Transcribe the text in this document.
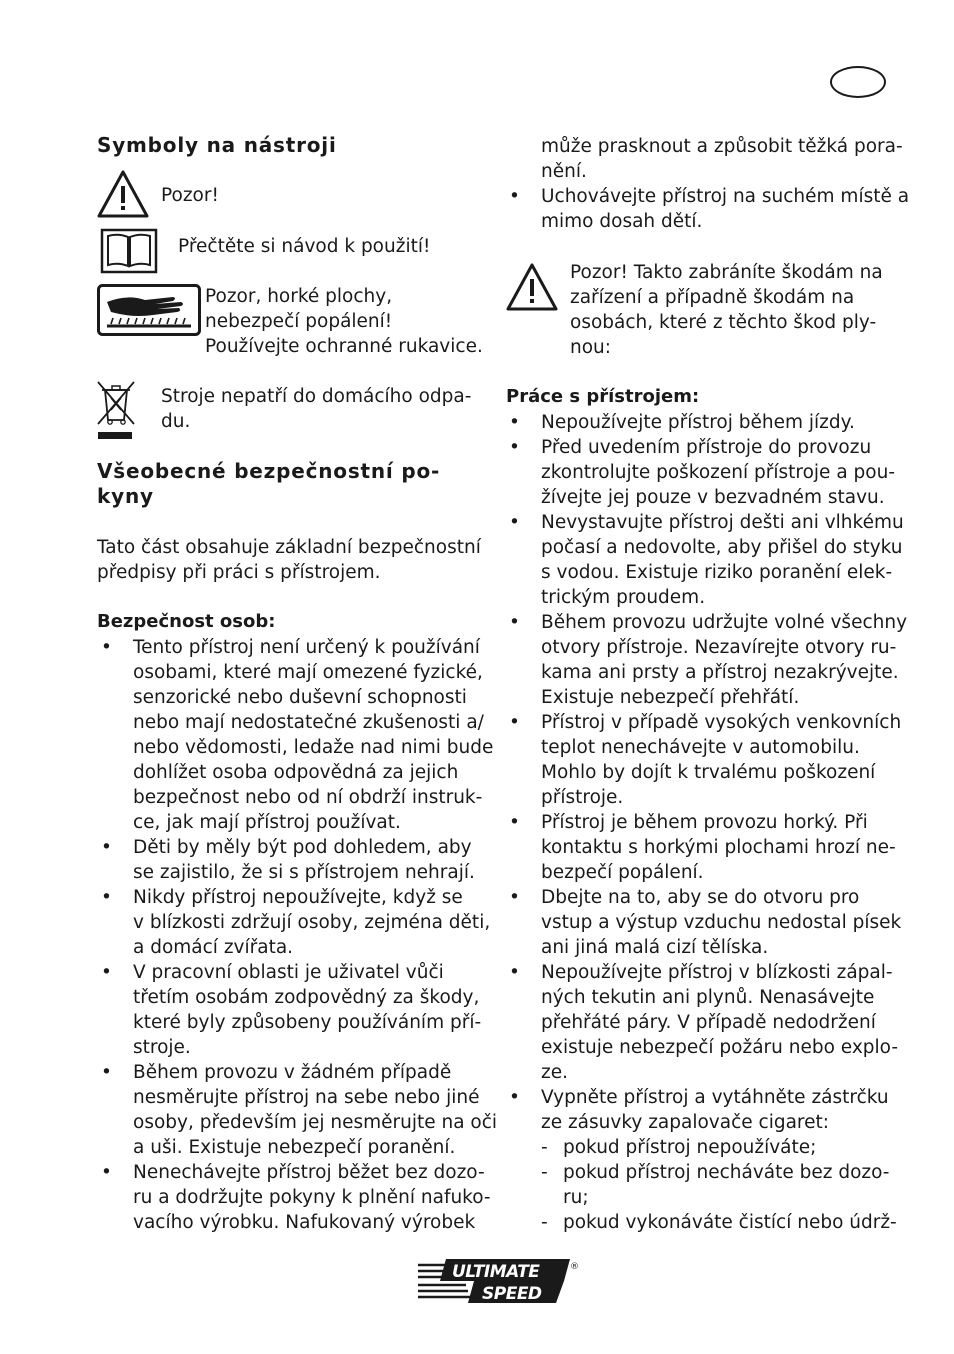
Symboly na nástroji
Pozor!
Přečtěte si návod k použití!
Pozor, horké plochy,
nebezpečí popálení!
Používejte ochranné rukavice.
Stroje nepatří do domácího odpa-
du.
Všeobecné bezpečnostní po-
kyny
Tato část obsahuje základní bezpečnostní
předpisy při práci s přístrojem.
Bezpečnost osob:
• Tento přístroj není určený k používání
osobami, které mají omezené fyzické,
senzorické nebo duševní schopnosti
nebo mají nedostatečné zkušenosti a/
nebo vědomosti, ledaže nad nimi bude
dohlížet osoba odpovědná za jejich
bezpečnost nebo od ní obdrží instruk-
ce, jak mají přístroj používat.
• Děti by měly být pod dohledem, aby
se zajistilo, že si s přístrojem nehrají.
• Nikdy přístroj nepoužívejte, když se
v blízkosti zdržují osoby, zejména děti,
a domácí zvířata.
• V pracovní oblasti je uživatel vůči
třetím osobám zodpovědný za škody,
které byly způsobeny používáním pří-
stroje.
• Během provozu v žádném případě
nesměrujte přístroj na sebe nebo jiné
osoby, především jej nesměrujte na oči
a uši. Existuje nebezpečí poranění.
• Nenechávejte přístroj běžet bez dozo-
ru a dodržujte pokyny k plnění nafuko-
vacího výrobku. Nafukovaný výrobek
může prasknout a způsobit těžká pora-
nění.
• Uchovávejte přístroj na suchém místě a
mimo dosah dětí.
Pozor! Takto zabráníte škodám na
zařízení a případně škodám na
osobách, které z těchto škod ply-
nou:
Práce s přístrojem:
• Nepoužívejte přístroj během jízdy.
• Před uvedením přístroje do provozu
zkontrolujte poškození přístroje a pou-
žívejte jej pouze v bezvadném stavu.
• Nevystavujte přístroj dešti ani vlhkému
počasí a nedovolte, aby přišel do styku
s vodou. Existuje riziko poranění elek-
trickým proudem.
• Během provozu udržujte volné všechny
otvory přístroje. Nezavírejte otvory ru-
kama ani prsty a přístroj nezakrývejte.
Existuje nebezpečí přehřátí.
• Přístroj v případě vysokých venkovních
teplot nenechávejte v automobilu.
Mohlo by dojít k trvalému poškození
přístroje.
• Přístroj je během provozu horký. Při
kontaktu s horkými plochami hrozí ne-
bezpečí popálení.
• Dbejte na to, aby se do otvoru pro
vstup a výstup vzduchu nedostal písek
ani jiná malá cizí tělíska.
• Nepoužívejte přístroj v blízkosti zápal-
ných tekutin ani plynů. Nenasávejte
přehřáté páry. V případě nedodržení
existuje nebezpečí požáru nebo explo-
ze.
• Vypněte přístroj a vytáhněte zástrčku
ze zásuvky zapalovače cigaret:
- pokud přístroj nepoužíváte;
- pokud přístroj necháváte bez dozo-
ru;
- pokud vykonáváte čistící nebo údrž-
ULTIMATE
SPEED
®
